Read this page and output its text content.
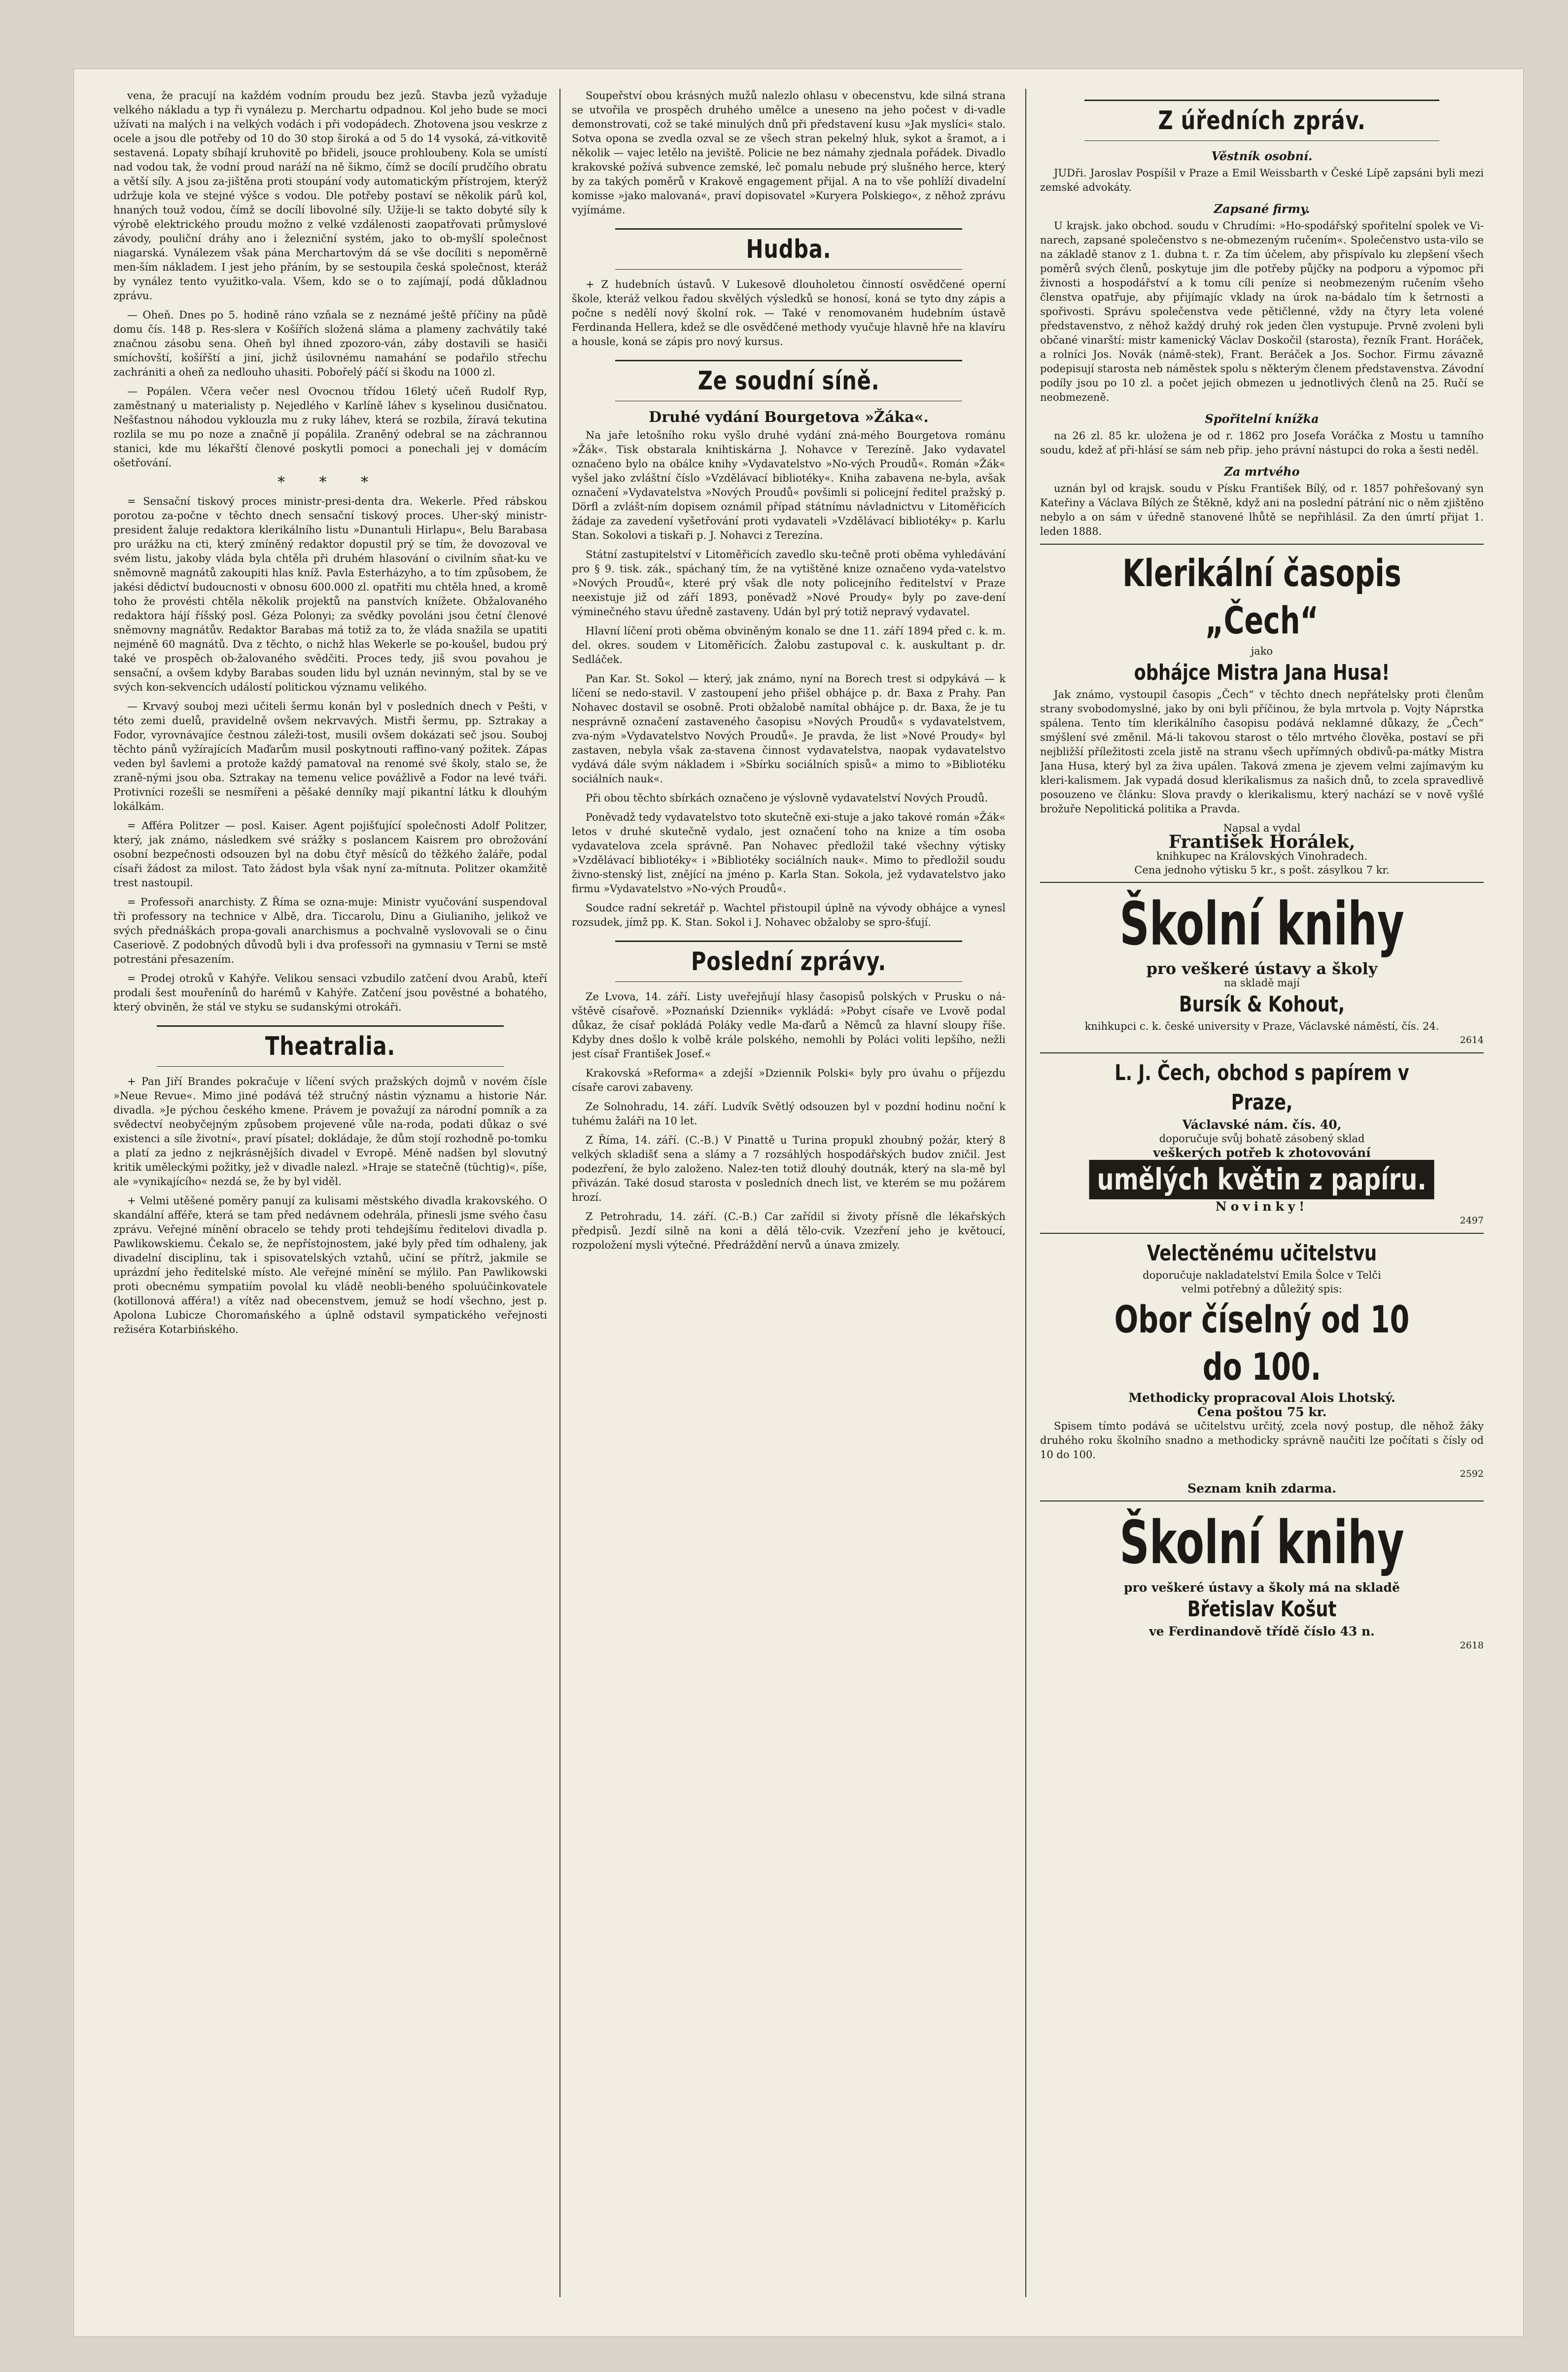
vena, že pracují na každém vodním proudu bez jezů. Stavba jezů vyžaduje velkého nákladu a typ ři vynálezu p. Merchartu odpadnou. Kol jeho bude se moci užívati na malých i na velkých vodách i při vodopádech. Zhotovena jsou veskrze z ocele a jsou dle potřeby od 10 do 30 stop široká a od 5 do 14 vysoká, zá-vitkovitě sestavená. Lopaty sbíhají kruhovitě po břideli, jsouce prohloubeny. Kola se umístí nad vodou tak, že vodní proud naráží na ně šikmo, čímž se docílí prudčího obratu a větší síly. A jsou za-jištěna proti stoupání vody automatickým přístrojem, kterýž udržuje kola ve stejné výšce s vodou. Dle potřeby postaví se několik párů kol, hnaných touž vodou, čímž se docílí libovolné síly. Užije-li se takto dobyté síly k výrobě elektrického proudu možno z velké vzdálenosti zaopatřovati průmyslové závody, pouliční dráhy ano i železniční systém, jako to ob-myšlí společnost niagarská. Vynálezem však pána Merchartovým dá se vše docíliti s nepoměrně men-ším nákladem. I jest jeho přáním, by se sestoupila česká společnost, kteráž by vynález tento využitko-vala. Všem, kdo se o to zajímají, podá důkladnou zprávu.

— Oheň. Dnes po 5. hodině ráno vzňala se z neznámé ještě příčiny na půdě domu čís. 148 p. Res-slera v Košířích složená sláma a plameny zachvátily také značnou zásobu sena. Oheň byl ihned zpozoro-ván, záby dostavili se hasiči smíchovští, košířští a jiní, jichž úsilovnému namahání se podařilo střechu zachrániti a oheň za nedlouho uhasiti. Pobořelý páčí si škodu na 1000 zl.

— Popálen. Včera večer nesl Ovocnou třídou 16letý učeň Rudolf Ryp, zaměstnaný u materialisty p. Nejedlého v Karlíně láhev s kyselinou dusičnatou. Nešťastnou náhodou vyklouzla mu z ruky láhev, která se rozbila, žíravá tekutina rozlila se mu po noze a značně jí popálila. Zraněný odebral se na záchrannou stanici, kde mu lékařští členové poskytli pomoci a ponechali jej v domácím ošetřování.

* * *

= Sensační tiskový proces ministr-presi-denta dra. Wekerle. Před rábskou porotou za-počne v těchto dnech sensační tiskový proces. Uher-ský ministr-president žaluje redaktora klerikálního listu »Dunantuli Hirlapu«, Belu Barabasa pro urážku na cti, který zmíněný redaktor dopustil prý se tím, že dovozoval ve svém listu, jakoby vláda byla chtěla při druhém hlasování o civilním sňat-ku ve sněmovně magnátů zakoupiti hlas kníž. Pavla Esterházyho, a to tím způsobem, že jakési dědictví budoucnosti v obnosu 600.000 zl. opatřiti mu chtěla hned, a kromě toho že provésti chtěla několik projektů na panstvích knížete. Obžalovaného redaktora hájí říšský posl. Géza Polonyi; za svědky povoláni jsou četní členové sněmovny magnátův. Redaktor Barabas má totiž za to, že vláda snažila se upatiti nejméně 60 magnátů. Dva z těchto, o nichž hlas Wekerle se po-koušel, budou prý také ve prospěch ob-žalovaného svědčiti. Proces tedy, jiš svou povahou je sensační, a ovšem kdyby Barabas souden lidu byl uznán nevinným, stal by se ve svých kon-sekvencích událostí politickou významu velikého.

— Krvavý souboj mezi učiteli šermu konán byl v posledních dnech v Pešti, v této zemi duelů, pravidelně ovšem nekrvavých. Mistři šermu, pp. Sztrakay a Fodor, vyrovnávajíce čestnou záleži-tost, musili ovšem dokázati seč jsou. Souboj těchto pánů vyžírajících Maďarům musil poskytnouti raffino-vaný požitek. Zápas veden byl šavlemi a protože každý pamatoval na renomé své školy, stalo se, že zraně-nými jsou oba. Sztrakay na temenu velice povážlivě a Fodor na levé tváři. Protivníci rozešli se nesmířeni a pěšaké denníky mají pikantní látku k dlouhým lokálkám.

= Afféra Politzer — posl. Kaiser. Agent pojišťující společnosti Adolf Politzer, který, jak známo, následkem své srážky s poslancem Kaisrem pro obrožování osobní bezpečnosti odsouzen byl na dobu čtyř měsíců do těžkého žaláře, podal císaři žádost za milost. Tato žádost byla však nyní za-mítnuta. Politzer okamžitě trest nastoupil.

= Professoři anarchisty. Z Říma se ozna-muje: Ministr vyučování suspendoval tři professory na technice v Albě, dra. Ticcarolu, Dinu a Giulianiho, jelikož ve svých přednáškách propa-govali anarchismus a pochvalně vyslovovali se o činu Caseriově. Z podobných důvodů byli i dva professoři na gymnasiu v Terni se mstě potrestáni přesazením.

= Prodej otroků v Kahýře. Velikou sensaci vzbudilo zatčení dvou Arabů, kteří prodali šest mouřenínů do harémů v Kahýře. Zatčení jsou pověstné a bohatého, který obviněn, že stál ve styku se sudanskými otrokáři.

Theatralia.

+ Pan Jiří Brandes pokračuje v líčení svých pražských dojmů v novém čísle »Neue Revue«. Mimo jiné podává též stručný nástin významu a historie Nár. divadla. »Je pýchou českého kmene. Právem je považují za národní pomník a za svědectví neobyčejným způsobem projevené vůle na-roda, podati důkaz o své existenci a síle životní«, praví písatel; dokládaje, že dům stojí rozhodně po-tomku a platí za jedno z nejkrásnějších divadel v Evropě. Méně nadšen byl slovutný kritik uměleckými požitky, jež v divadle nalezl. »Hraje se statečně (tüchtig)«, píše, ale »vynikajícího« nezdá se, že by byl viděl.

+ Velmi utěšené poměry panují za kulisami městského divadla krakovského. O skandální afféře, která se tam před nedávnem odehrála, přinesli jsme svého času zprávu. Veřejné mínění obracelo se tehdy proti tehdejšímu ředitelovi divadla p. Pawlikowskiemu. Čekalo se, že nepřístojnostem, jaké byly před tím odhaleny, jak divadelní disciplinu, tak i spisovatelských vztahů, učiní se přítrž, jakmile se uprázdní jeho ředitelské místo. Ale veřejné mínění se mýlilo. Pan Pawlikowski proti obecnému sympatiím povolal ku vládě neobli-beného spoluúčinkovatele (kotillonová afféra!) a vítěz nad obecenstvem, jemuž se hodí všechno, jest p. Apolona Lubicze Choromańského a úplně odstavil sympatického veřejnosti režiséra Kotarbińského.

Soupeřství obou krásných mužů nalezlo ohlasu v obecenstvu, kde silná strana se utvořila ve prospěch druhého umělce a uneseno na jeho počest v di-vadle demonstrovati, což se také minulých dnů při představení kusu »Jak myslíci« stalo. Sotva opona se zvedla ozval se ze všech stran pekelný hluk, sykot a šramot, a i několik — vajec letělo na jeviště. Policie ne bez námahy zjednala pořádek. Divadlo krakovské požívá subvence zemské, leč pomalu nebude prý slušného herce, který by za takých poměrů v Krakově engagement přijal. A na to vše pohlíží divadelní komisse »jako malovaná«, praví dopisovatel »Kuryera Polskiego«, z něhož zprávu vyjímáme.

Hudba.

+ Z hudebních ústavů. V Lukesově dlouholetou činností osvědčené operní škole, kteráž velkou řadou skvělých výsledků se honosí, koná se tyto dny zápis a počne s nedělí nový školní rok. — Také v renomovaném hudebním ústavě Ferdinanda Hellera, kdež se dle osvědčené methody vyučuje hlavně hře na klavíru a housle, koná se zápis pro nový kursus.

Ze soudní síně.
Druhé vydání Bourgetova »Žáka«.

Na jaře letošního roku vyšlo druhé vydání zná-mého Bourgetova románu »Žák«. Tisk obstarala knihtiskárna J. Nohavce v Terezíně. Jako vydavatel označeno bylo na obálce knihy »Vydavatelstvo »No-vých Proudů«. Román »Žák« vyšel jako zvláštní číslo »Vzdělávací bibliotéky«. Kniha zabavena ne-byla, avšak označení »Vydavatelstva »Nových Proudů« povšimli si policejní ředitel pražský p. Dörfl a zvlášt-ním dopisem oznámil případ státnímu návladnictvu v Litoměřicích žádaje za zavedení vyšetřování proti vydavateli »Vzdělávací bibliotéky« p. Karlu Stan. Sokolovi a tiskaři p. J. Nohavci z Terezína.

Státní zastupitelství v Litoměřicích zavedlo sku-tečně proti oběma vyhledávání pro § 9. tisk. zák., spáchaný tím, že na vytištěné knize označeno vyda-vatelstvo »Nových Proudů«, které prý však dle noty policejního ředitelství v Praze neexistuje již od září 1893, poněvadž »Nové Proudy« byly po zave-dení výminečného stavu úředně zastaveny. Udán byl prý totiž nepravý vydavatel.

Hlavní líčení proti oběma obviněným konalo se dne 11. září 1894 před c. k. m. del. okres. soudem v Litoměřicích. Žalobu zastupoval c. k. auskultant p. dr. Sedláček.

Pan Kar. St. Sokol — který, jak známo, nyní na Borech trest si odpykává — k líčení se nedo-stavil. V zastoupení jeho přišel obhájce p. dr. Baxa z Prahy. Pan Nohavec dostavil se osobně. Proti obžalobě namítal obhájce p. dr. Baxa, že je tu nesprávně označení zastaveného časopisu »Nových Proudů« s vydavatelstvem, zva-ným »Vydavatelstvo Nových Proudů«. Je pravda, že list »Nové Proudy« byl zastaven, nebyla však za-stavena činnost vydavatelstva, naopak vydavatelstvo vydává dále svým nákladem i »Sbírku sociálních spisů« a mimo to »Bibliotéku sociálních nauk«.

Při obou těchto sbírkách označeno je výslovně vydavatelství Nových Proudů.

Poněvadž tedy vydavatelstvo toto skutečně exi-stuje a jako takové román »Žák« letos v druhé skutečně vydalo, jest označení toho na knize a tím osoba vydavatelova zcela správně. Pan Nohavec předložil také všechny výtisky »Vzdělávací bibliotéky« i »Bibliotéky sociálních nauk«. Mimo to předložil soudu živno-stenský list, znějící na jméno p. Karla Stan. Sokola, jež vydavatelstvo jako firmu »Vydavatelstvo »No-vých Proudů«.

Soudce radní sekretář p. Wachtel přistoupil úplně na vývody obhájce a vynesl rozsudek, jímž pp. K. Stan. Sokol i J. Nohavec obžaloby se spro-šťují.

Poslední zprávy.

Ze Lvova, 14. září. Listy uveřejňují hlasy časopisů polských v Prusku o ná-vštěvě císařově. »Poznańskí Dziennik« vykládá: »Pobyt císaře ve Lvově podal důkaz, že císař pokládá Poláky vedle Ma-ďarů a Němců za hlavní sloupy říše. Kdyby dnes došlo k volbě krále polského, nemohli by Poláci voliti lepšího, nežli jest císař František Josef.«

Krakovská »Reforma« a zdejší »Dziennik Polski« byly pro úvahu o příjezdu císaře carovi zabaveny.

Ze Solnohradu, 14. září. Ludvík Světlý odsouzen byl v pozdní hodinu noční k tuhému žaláři na 10 let.

Z Říma, 14. září. (C.-B.) V Pinattě u Turina propukl zhoubný požár, který 8 velkých skladišť sena a slámy a 7 rozsáhlých hospodářských budov zničil. Jest podezření, že bylo založeno. Nalez-ten totiž dlouhý doutnák, který na sla-mě byl přivázán. Také dosud starosta v posledních dnech list, ve kterém se mu požárem hrozí.

Z Petrohradu, 14. září. (C.-B.) Car zařídil si životy přísně dle lékařských předpisů. Jezdí silně na koni a dělá tělo-cvik. Vzezření jeho je květoucí, rozpoložení mysli výtečné. Předráždění nervů a únava zmizely.

Z úředních zpráv.
Věstník osobní.

JUDři. Jaroslav Pospíšil v Praze a Emil Weissbarth v České Lípě zapsáni byli mezi zemské advokáty.

Zapsané firmy.

U krajsk. jako obchod. soudu v Chrudími: »Ho-spodářský spořitelní spolek ve Vi-narech, zapsané společenstvo s ne-obmezeným ručením«. Společenstvo usta-vilo se na základě stanov z 1. dubna t. r. Za tím účelem, aby přispívalo ku zlepšení všech poměrů svých členů, poskytuje jim dle potřeby půjčky na podporu a výpomoc při živnosti a hospodářství a k tomu cíli peníze si neobmezeným ručením všeho členstva opatřuje, aby přijímajíc vklady na úrok na-bádalo tím k šetrnosti a spořivosti. Správu společenstva vede pětičlenné, vždy na čtyry leta volené představenstvo, z něhož každý druhý rok jeden člen vystupuje. Prvně zvoleni byli občané vinarští: mistr kamenický Václav Doskočil (starosta), řezník Frant. Horáček, a rolníci Jos. Novák (námě-stek), Frant. Beráček a Jos. Sochor. Firmu závazně podepisují starosta neb náměstek spolu s některým členem představenstva. Závodní podíly jsou po 10 zl. a počet jejich obmezen u jednotlivých členů na 25. Ručí se neobmezeně.

Spořitelní knížka

na 26 zl. 85 kr. uložena je od r. 1862 pro Josefa Voráčka z Mostu u tamního soudu, kdež ať při-hlásí se sám neb přip. jeho právní nástupci do roka a šesti neděl.

Za mrtvého

uznán byl od krajsk. soudu v Písku František Bílý, od r. 1857 pohřešovaný syn Kateřiny a Václava Bílých ze Štěkně, když ani na poslední pátrání nic o něm zjištěno nebylo a on sám v úředně stanovené lhůtě se nepřihlásil. Za den úmrtí přijat 1. leden 1888.

Klerikální časopis „Čech“
jako
obhájce Mistra Jana Husa!

Jak známo, vystoupil časopis „Čech“ v těchto dnech nepřátelsky proti členům strany svobodomyslné, jako by oni byli příčinou, že byla mrtvola p. Vojty Náprstka spálena. Tento tím klerikálního časopisu podává neklamné důkazy, že „Čech“ smýšlení své změnil. Má-li takovou starost o tělo mrtvého člověka, postaví se při nejbližší příležitosti zcela jistě na stranu všech upřímných obdivů-pa-mátky Mistra Jana Husa, který byl za živa upálen. Taková zmena je zjevem velmi zajímavým ku kleri-kalismem. Jak vypadá dosud klerikalismus za našich dnů, to zcela spravedlivě posouzeno ve článku: Slova pravdy o klerikalismu, který nachází se v nově vyšlé brožuře Nepolitická politika a Pravda.

Napsal a vydal
František Horálek,
knihkupec na Královských Vinohradech.
Cena jednoho výtisku 5 kr., s pošt. zásylkou 7 kr.
Školní knihy
pro veškeré ústavy a školy
na skladě mají
Bursík & Kohout,
knihkupci c. k. české university v Praze, Václavské náměstí, čís. 24.
2614
L. J. Čech, obchod s papírem v Praze,
Václavské nám. čís. 40,
doporučuje svůj bohatě zásobený sklad
veškerých potřeb k zhotovování
umělých květin z papíru.
Novinky!
2497
Velectěnému učitelstvu
doporučuje nakladatelství Emila Šolce v Telči
velmi potřebný a důležitý spis:
Obor číselný od 10 do 100.
Methodicky propracoval Alois Lhotský.
Cena poštou 75 kr.

Spisem tímto podává se učitelstvu určitý, zcela nový postup, dle něhož žáky druhého roku školního snadno a methodicky správně naučiti lze počítati s čísly od 10 do 100.

2592
Seznam knih zdarma.
Školní knihy
pro veškeré ústavy a školy má na skladě
Břetislav Košut
ve Ferdinandově třídě číslo 43 n.
2618
